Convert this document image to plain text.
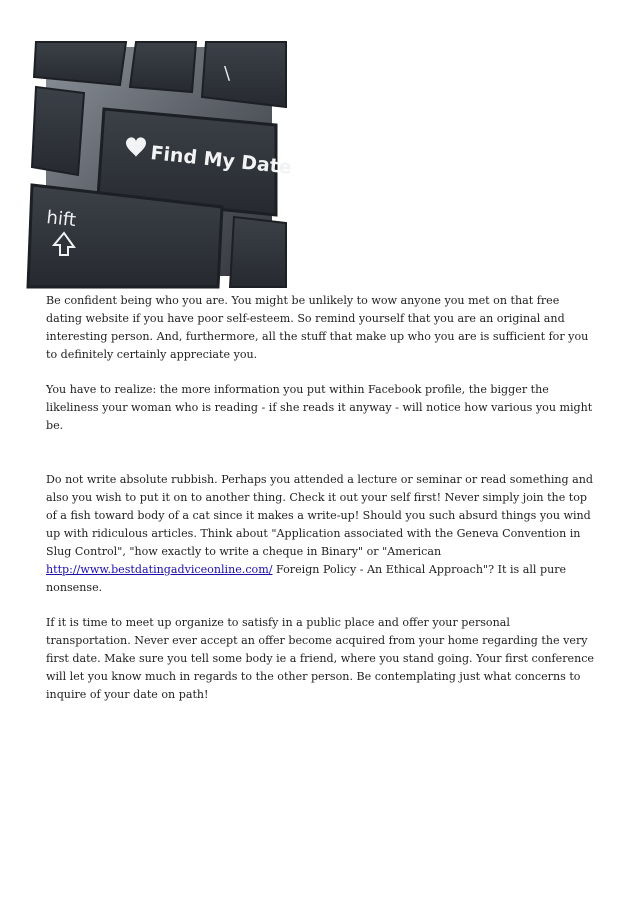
\
Find My Date
hift

Be confident being who you are. You might be unlikely to wow anyone you met on that free dating website if you have poor self-esteem. So remind yourself that you are an original and interesting person. And, furthermore, all the stuff that make up who you are is sufficient for you to definitely certainly appreciate you.

You have to realize: the more information you put within Facebook profile, the bigger the likeliness your woman who is reading - if she reads it anyway - will notice how various you might be.

Do not write absolute rubbish. Perhaps you attended a lecture or seminar or read something and also you wish to put it on to another thing. Check it out your self first! Never simply join the top of a fish toward body of a cat since it makes a write-up! Should you such absurd things you wind up with ridiculous articles. Think about "Application associated with the Geneva Convention in Slug Control", "how exactly to write a cheque in Binary" or "American http://www.bestdatingadviceonline.com/ Foreign Policy - An Ethical Approach"? It is all pure nonsense.

If it is time to meet up organize to satisfy in a public place and offer your personal transportation. Never ever accept an offer become acquired from your home regarding the very first date. Make sure you tell some body ie a friend, where you stand going. Your first conference will let you know much in regards to the other person. Be contemplating just what concerns to inquire of your date on path!
